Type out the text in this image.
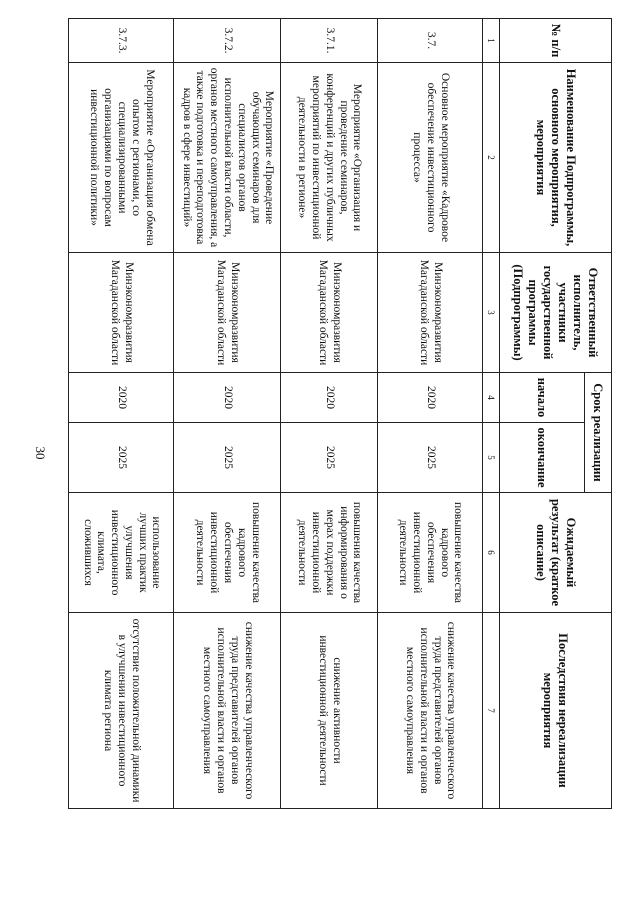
30
№ п/п	Наименование Подпрограммы, основного мероприятия, мероприятия	Ответственный исполнитель, участники государственной программы (Подпрограммы)	Срок реализации		Ожидаемый результат (краткое описание)	Последствия нереализации мероприятия
			начало	окончание		
1	2	3	4	5	6	7
3.7.	Основное мероприятие «Кадровое обеспечение инвестиционного процесса»	Минэкономразвития Магаданской области	2020	2025	повышение качества кадрового обеспечения инвестиционной деятельности	снижение качества управленческого труда представителей органов исполнительной власти и органов местного самоуправления
3.7.1.	Мероприятие «Организация и проведение семинаров, конференций и других публичных мероприятий по инвестиционной деятельности в регионе»	Минэкономразвития Магаданской области	2020	2025	повышения качества информирования о мерах поддержки инвестиционной деятельности	снижение активности инвестиционной деятельности
3.7.2.	Мероприятие «Проведение обучающих семинаров для специалистов органов исполнительной власти области, органов местного самоуправления, а также подготовка и переподготовка кадров в сфере инвестиций»	Минэкономразвития Магаданской области	2020	2025	повышение качества кадрового обеспечения инвестиционной деятельности	снижение качества управленческого труда представителей органов исполнительной власти и органов местного самоуправления
3.7.3.	Мероприятие «Организация обмена опытом с регионами, со специализированными организациями по вопросам инвестиционной политики»	Минэкономразвития Магаданской области	2020	2025	использование лучших практик улучшения инвестиционного климата, сложившихся	отсутствие положительной динамики в улучшении инвестиционного климата региона
